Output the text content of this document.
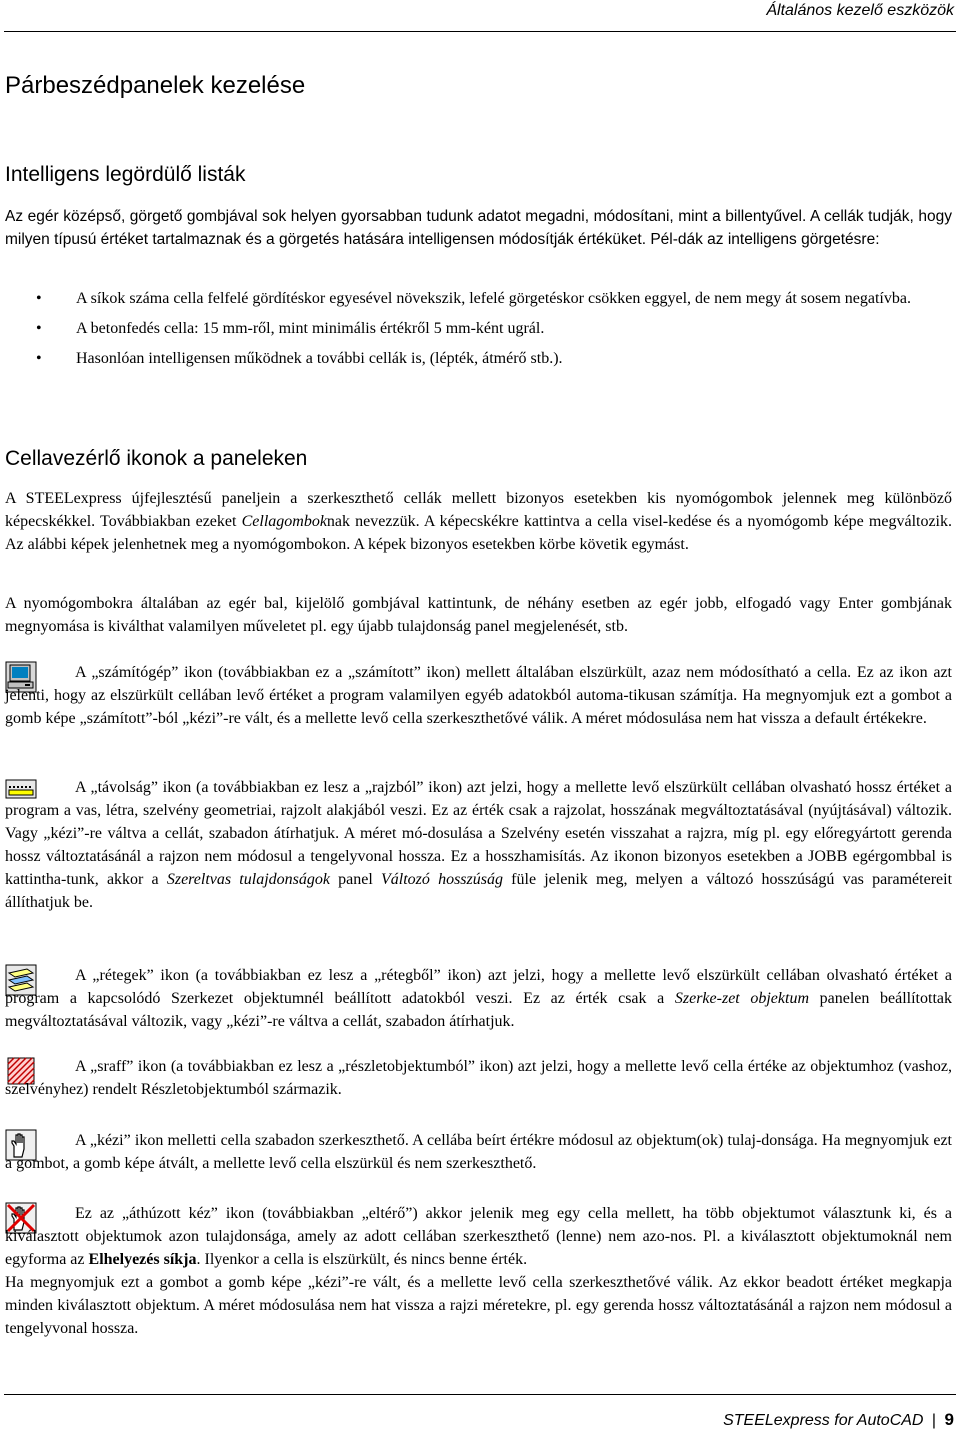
Általános kezelő eszközök
Párbeszédpanelek kezelése
Intelligens legördülő listák

Az egér középső, görgető gombjával sok helyen gyorsabban tudunk adatot megadni, módosítani, mint a billentyűvel. A cellák tudják, hogy milyen típusú értéket tartalmaznak és a görgetés hatására intelligensen módosítják értéküket. Pél-dák az intelligens görgetésre:

• A síkok száma cella felfelé gördítéskor egyesével növekszik, lefelé görgetéskor csökken eggyel, de nem megy át sosem negatívba.
• A betonfedés cella: 15 mm-ről, mint minimális értékről 5 mm-ként ugrál.
• Hasonlóan intelligensen működnek a további cellák is, (lépték, átmérő stb.).
Cellavezérlő ikonok a paneleken

A STEELexpress újfejlesztésű paneljein a szerkeszthető cellák mellett bizonyos esetekben kis nyomógombok jelennek meg különböző képecskékkel. Továbbiakban ezeket Cellagomboknak nevezzük. A képecskékre kattintva a cella visel-kedése és a nyomógomb képe megváltozik. Az alábbi képek jelenhetnek meg a nyomógombokon. A képek bizonyos esetekben körbe követik egymást.

A nyomógombokra általában az egér bal, kijelölő gombjával kattintunk, de néhány esetben az egér jobb, elfogadó vagy Enter gombjának megnyomása is kiválthat valamilyen műveletet pl. egy újabb tulajdonság panel megjelenését, stb.

A „számítógép” ikon (továbbiakban ez a „számított” ikon) mellett általában elszürkült, azaz nem módosítható a cella. Ez az ikon azt jelenti, hogy az elszürkült cellában levő értéket a program valamilyen egyéb adatokból automa-tikusan számítja. Ha megnyomjuk ezt a gombot a gomb képe „számított”-ból „kézi”-re vált, és a mellette levő cella szerkeszthetővé válik. A méret módosulása nem hat vissza a default értékekre.

A „távolság” ikon (a továbbiakban ez lesz a „rajzból” ikon) azt jelzi, hogy a mellette levő elszürkült cellában olvasható hossz értéket a program a vas, létra, szelvény geometriai, rajzolt alakjából veszi. Ez az érték csak a rajzolat, hosszának megváltoztatásával (nyújtásával) változik. Vagy „kézi”-re váltva a cellát, szabadon átírhatjuk. A méret mó-dosulása a Szelvény esetén visszahat a rajzra, míg pl. egy előregyártott gerenda hossz változtatásánál a rajzon nem módosul a tengelyvonal hossza. Ez a hosszhamisítás. Az ikonon bizonyos esetekben a JOBB egérgombbal is kattintha-tunk, akkor a Szereltvas tulajdonságok panel Változó hosszúság füle jelenik meg, melyen a változó hosszúságú vas paramétereit állíthatjuk be.

A „rétegek” ikon (a továbbiakban ez lesz a „rétegből” ikon) azt jelzi, hogy a mellette levő elszürkült cellában olvasható értéket a program a kapcsolódó Szerkezet objektumnél beállított adatokból veszi. Ez az érték csak a Szerke-zet objektum panelen beállítottak megváltoztatásával változik, vagy „kézi”-re váltva a cellát, szabadon átírhatjuk.

A „sraff” ikon (a továbbiakban ez lesz a „részletobjektumból” ikon) azt jelzi, hogy a mellette levő cella értéke az objektumhoz (vashoz, szelvényhez) rendelt Részletobjektumból származik.

A „kézi” ikon melletti cella szabadon szerkeszthető. A cellába beírt értékre módosul az objektum(ok) tulaj-donsága. Ha megnyomjuk ezt a gombot, a gomb képe átvált, a mellette levő cella elszürkül és nem szerkeszthető.

Ez az „áthúzott kéz” ikon (továbbiakban „eltérő”) akkor jelenik meg egy cella mellett, ha több objektumot választunk ki, és a kiválasztott objektumok azon tulajdonsága, amely az adott cellában szerkeszthető (lenne) nem azo-nos. Pl. a kiválasztott objektumoknál nem egyforma az Elhelyezés síkja. Ilyenkor a cella is elszürkült, és nincs benne érték.

Ha megnyomjuk ezt a gombot a gomb képe „kézi”-re vált, és a mellette levő cella szerkeszthetővé válik. Az ekkor beadott értéket megkapja minden kiválasztott objektum. A méret módosulása nem hat vissza a rajzi méretekre, pl. egy gerenda hossz változtatásánál a rajzon nem módosul a tengelyvonal hossza.

STEELexpress for AutoCAD | 9
